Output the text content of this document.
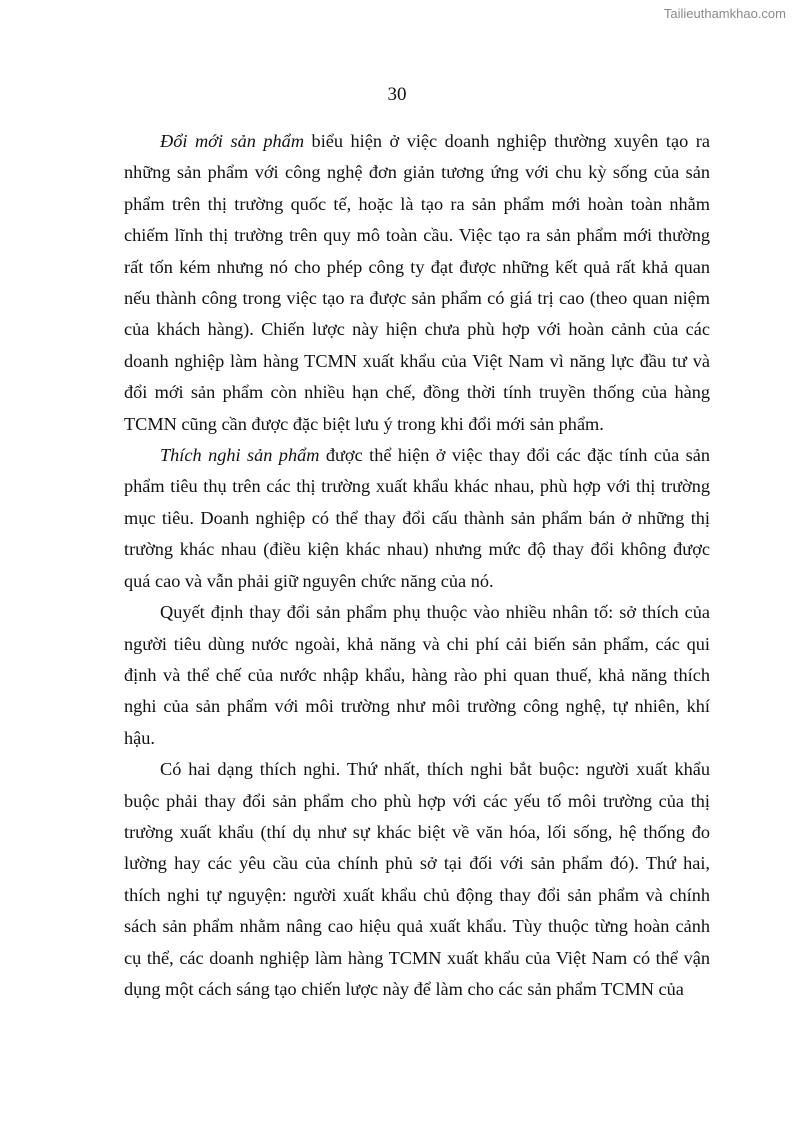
Tailieuthamkhao.com
30

Đổi mới sản phẩm biểu hiện ở việc doanh nghiệp thường xuyên tạo ra những sản phẩm với công nghệ đơn giản tương ứng với chu kỳ sống của sản phẩm trên thị trường quốc tế, hoặc là tạo ra sản phẩm mới hoàn toàn nhằm chiếm lĩnh thị trường trên quy mô toàn cầu. Việc tạo ra sản phẩm mới thường rất tốn kém nhưng nó cho phép công ty đạt được những kết quả rất khả quan nếu thành công trong việc tạo ra được sản phẩm có giá trị cao (theo quan niệm của khách hàng). Chiến lược này hiện chưa phù hợp với hoàn cảnh của các doanh nghiệp làm hàng TCMN xuất khẩu của Việt Nam vì năng lực đầu tư và đổi mới sản phẩm còn nhiều hạn chế, đồng thời tính truyền thống của hàng TCMN cũng cần được đặc biệt lưu ý trong khi đổi mới sản phẩm.

Thích nghi sản phẩm được thể hiện ở việc thay đổi các đặc tính của sản phẩm tiêu thụ trên các thị trường xuất khẩu khác nhau, phù hợp với thị trường mục tiêu. Doanh nghiệp có thể thay đổi cấu thành sản phẩm bán ở những thị trường khác nhau (điều kiện khác nhau) nhưng mức độ thay đổi không được quá cao và vẫn phải giữ nguyên chức năng của nó.

Quyết định thay đổi sản phẩm phụ thuộc vào nhiều nhân tố: sở thích của người tiêu dùng nước ngoài, khả năng và chi phí cải biến sản phẩm, các qui định và thể chế của nước nhập khẩu, hàng rào phi quan thuế, khả năng thích nghi của sản phẩm với môi trường như môi trường công nghệ, tự nhiên, khí hậu.

Có hai dạng thích nghi. Thứ nhất, thích nghi bắt buộc: người xuất khẩu buộc phải thay đổi sản phẩm cho phù hợp với các yếu tố môi trường của thị trường xuất khẩu (thí dụ như sự khác biệt về văn hóa, lối sống, hệ thống đo lường hay các yêu cầu của chính phủ sở tại đối với sản phẩm đó). Thứ hai, thích nghi tự nguyện: người xuất khẩu chủ động thay đổi sản phẩm và chính sách sản phẩm nhằm nâng cao hiệu quả xuất khẩu. Tùy thuộc từng hoàn cảnh cụ thể, các doanh nghiệp làm hàng TCMN xuất khẩu của Việt Nam có thể vận dụng một cách sáng tạo chiến lược này để làm cho các sản phẩm TCMN của
